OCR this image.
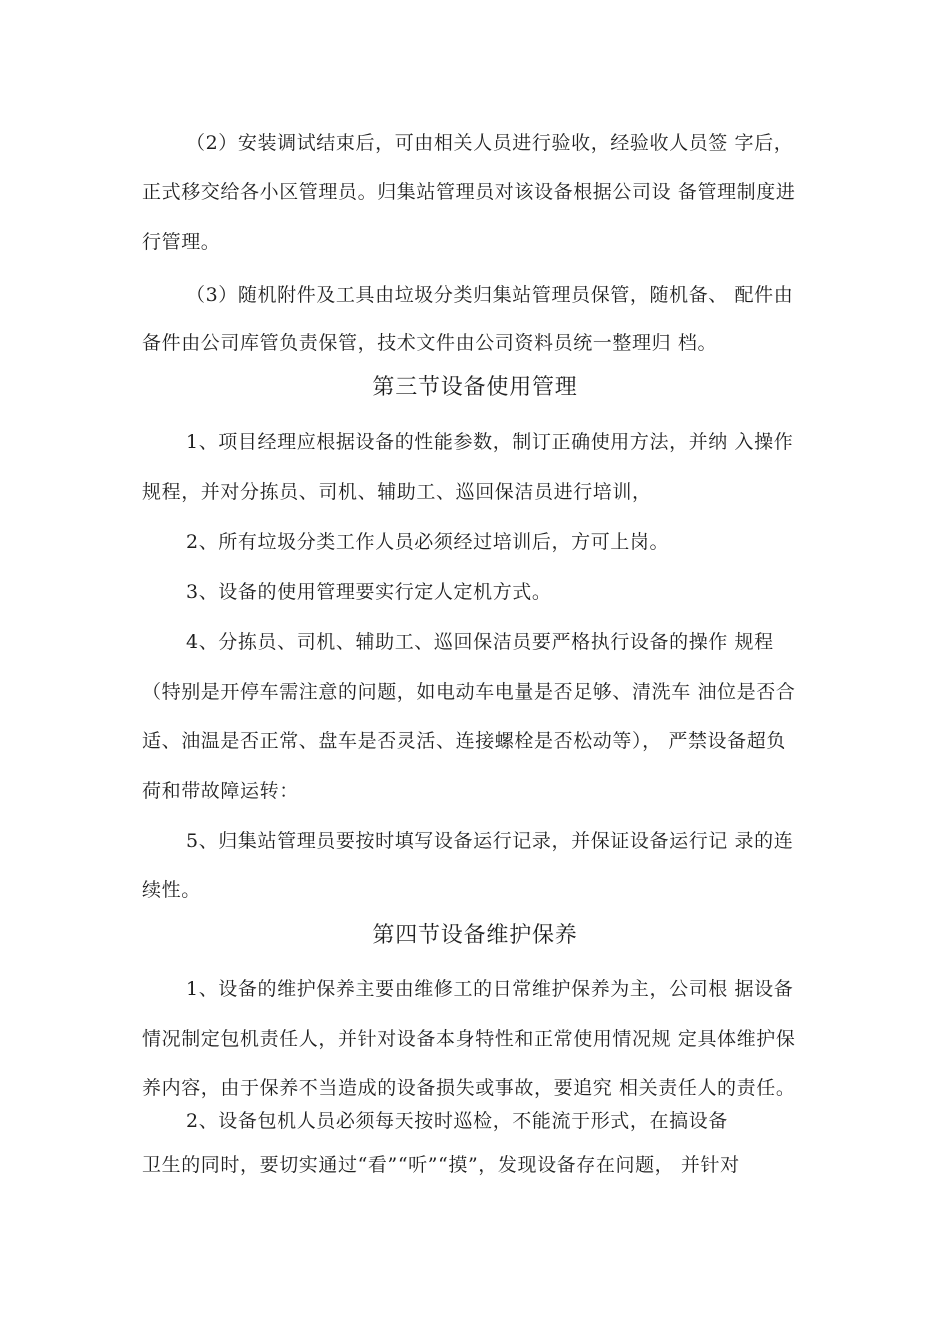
（2）安装调试结束后，可由相关人员进行验收，经验收人员签 字后，
正式移交给各小区管理员。归集站管理员对该设备根据公司设 备管理制度进
行管理。
（3）随机附件及工具由垃圾分类归集站管理员保管，随机备、 配件由
备件由公司库管负责保管，技术文件由公司资料员统一整理归 档。
第三节设备使用管理
1、项目经理应根据设备的性能参数，制订正确使用方法，并纳 入操作
规程，并对分拣员、司机、辅助工、巡回保洁员进行培训，
2、所有垃圾分类工作人员必须经过培训后，方可上岗。
3、设备的使用管理要实行定人定机方式。
4、分拣员、司机、辅助工、巡回保洁员要严格执行设备的操作 规程
（特别是开停车需注意的问题，如电动车电量是否足够、清洗车 油位是否合
适、油温是否正常、盘车是否灵活、连接螺栓是否松动等）， 严禁设备超负
荷和带故障运转：
5、归集站管理员要按时填写设备运行记录，并保证设备运行记 录的连
续性。
第四节设备维护保养
1、设备的维护保养主要由维修工的日常维护保养为主，公司根 据设备
情况制定包机责任人，并针对设备本身特性和正常使用情况规 定具体维护保
养内容，由于保养不当造成的设备损失或事故，要追究 相关责任人的责任。
2、设备包机人员必须每天按时巡检，不能流于形式，在搞设备
卫生的同时，要切实通过“看”“听”“摸”，发现设备存在问题， 并针对
